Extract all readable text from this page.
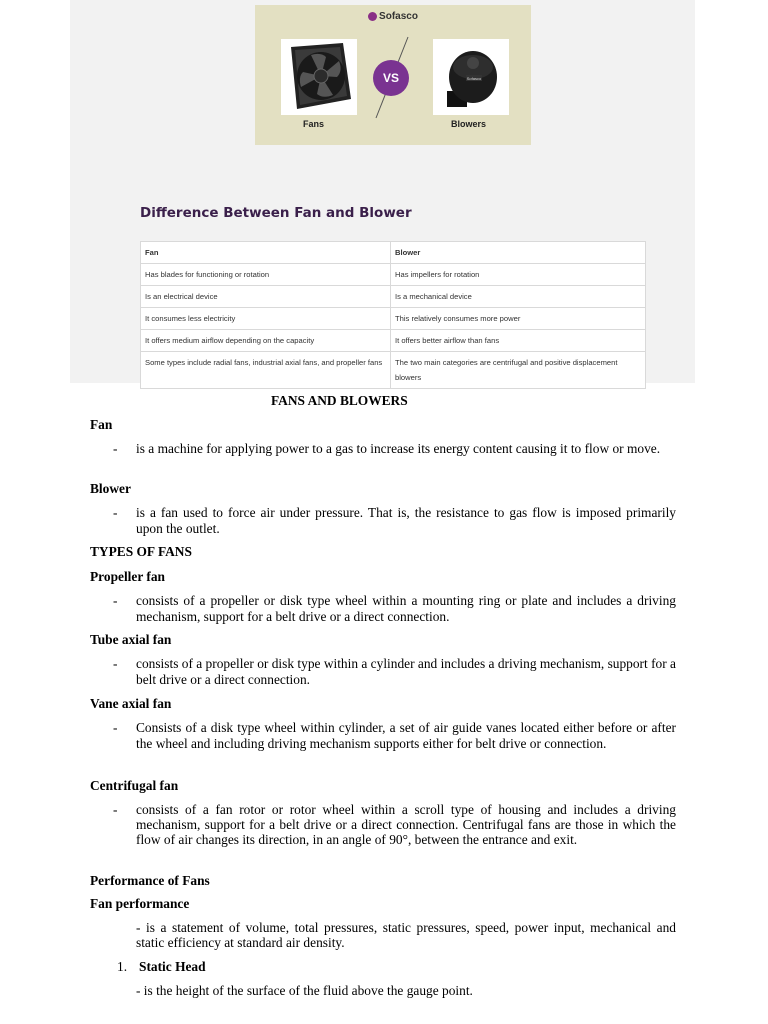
Sofasco
VS	Sofasco
Fans	Blowers
Difference Between Fan and Blower
Fan	Blower
Has blades for functioning or rotation	Has impellers for rotation
Is an electrical device	Is a mechanical device
It consumes less electricity	This relatively consumes more power
It offers medium airflow depending on the capacity	It offers better airflow than fans
Some types include radial fans, industrial axial fans, and propeller fans	The two main categories are centrifugal and positive displacement blowers
FANS AND BLOWERS
Fan
- is a machine for applying power to a gas to increase its energy content causing it to flow or move.
Blower
- is a fan used to force air under pressure. That is, the resistance to gas flow is imposed primarily upon the outlet.
TYPES OF FANS
Propeller fan
- consists of a propeller or disk type wheel within a mounting ring or plate and includes a driving mechanism, support for a belt drive or a direct connection.
Tube axial fan
- consists of a propeller or disk type within a cylinder and includes a driving mechanism, support for a belt drive or a direct connection.
Vane axial fan
- Consists of a disk type wheel within cylinder, a set of air guide vanes located either before or after the wheel and including driving mechanism supports either for belt drive or connection.
Centrifugal fan
- consists of a fan rotor or rotor wheel within a scroll type of housing and includes a driving mechanism, support for a belt drive or a direct connection. Centrifugal fans are those in which the flow of air changes its direction, in an angle of 90°, between the entrance and exit.
Performance of Fans
Fan performance
- is a statement of volume, total pressures, static pressures, speed, power input, mechanical and static efficiency at standard air density.
1. Static Head
- is the height of the surface of the fluid above the gauge point.
